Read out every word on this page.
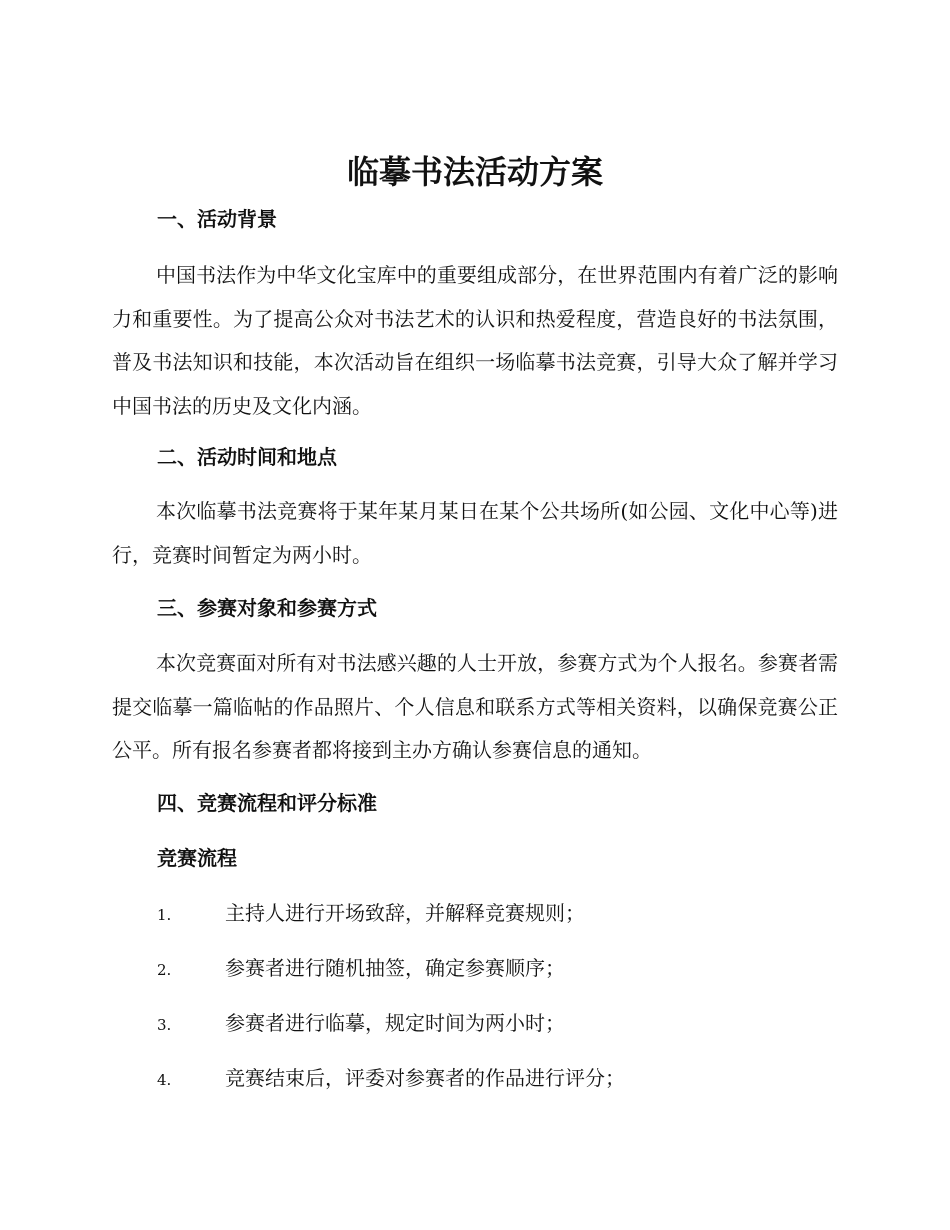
临摹书法活动方案
一、活动背景

中国书法作为中华文化宝库中的重要组成部分，在世界范围内有着广泛的影响力和重要性。为了提高公众对书法艺术的认识和热爱程度，营造良好的书法氛围，普及书法知识和技能，本次活动旨在组织一场临摹书法竞赛，引导大众了解并学习中国书法的历史及文化内涵。

二、活动时间和地点

本次临摹书法竞赛将于某年某月某日在某个公共场所(如公园、文化中心等)进行，竞赛时间暂定为两小时。

三、参赛对象和参赛方式

本次竞赛面对所有对书法感兴趣的人士开放，参赛方式为个人报名。参赛者需提交临摹一篇临帖的作品照片、个人信息和联系方式等相关资料，以确保竞赛公正公平。所有报名参赛者都将接到主办方确认参赛信息的通知。

四、竞赛流程和评分标准
竞赛流程
1.	主持人进行开场致辞，并解释竞赛规则；
2.	参赛者进行随机抽签，确定参赛顺序；
3.	参赛者进行临摹，规定时间为两小时；
4.	竞赛结束后，评委对参赛者的作品进行评分；
